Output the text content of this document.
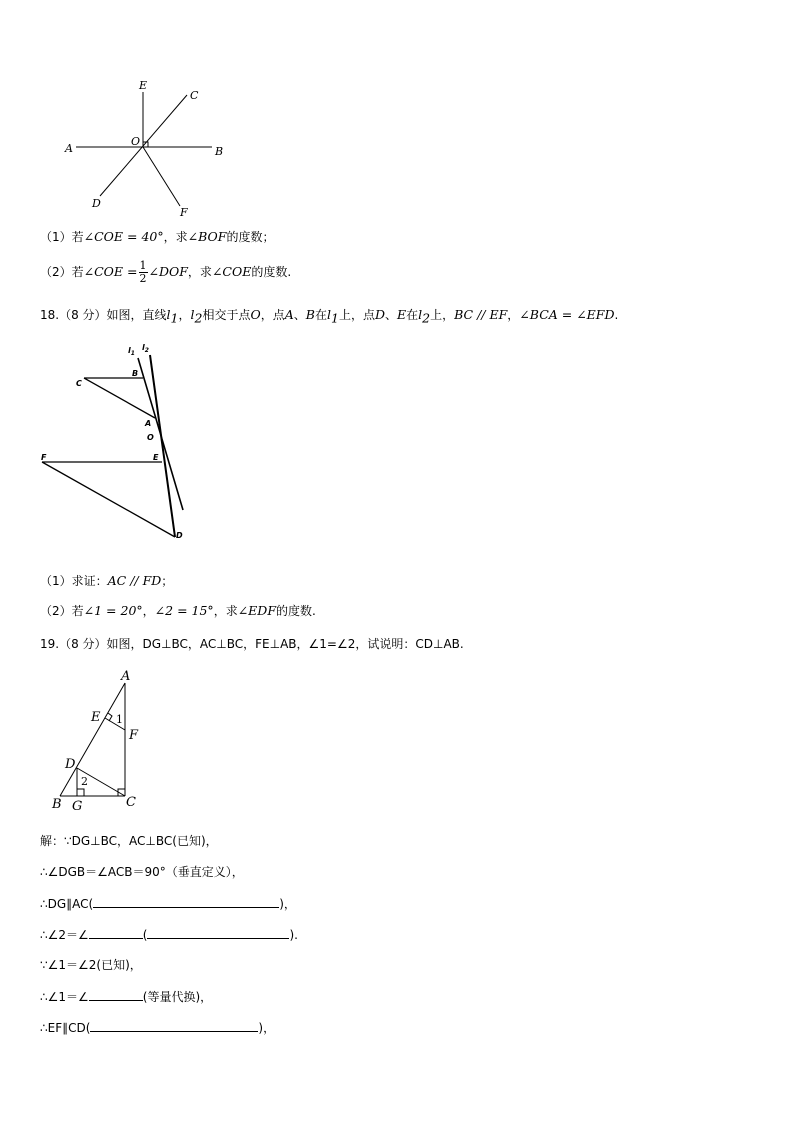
E
C
A
O
B
D
F
（1）若∠COE = 40°，求∠BOF的度数；
（2）若∠COE = $\frac{1}{2}$ ∠DOF，求∠COE的度数.
18.（8 分）如图，直线$l_1$，$l_2$相交于点O，点A、B在$l_1$上，点D、E在$l_2$上，BC // EF，∠BCA = ∠EFD.
$l_1$
$l_2$
B
C
A
O
F	E
D
（1）求证：AC // FD；
（2）若∠1 = 20°，∠2 = 15°，求∠EDF的度数.
19.（8 分）如图，DG⊥BC，AC⊥BC，FE⊥AB，∠1=∠2，试说明：CD⊥AB.
A
E 1
F
D
2
B G	C
解：∵DG⊥BC，AC⊥BC(已知)，
∴∠DGB＝∠ACB＝90°（垂直定义），
∴DG∥AC(	)，
∴∠2＝∠	(	).
∵∠1＝∠2(已知)，
∴∠1＝∠	(等量代换)，
∴EF∥CD(	)，
